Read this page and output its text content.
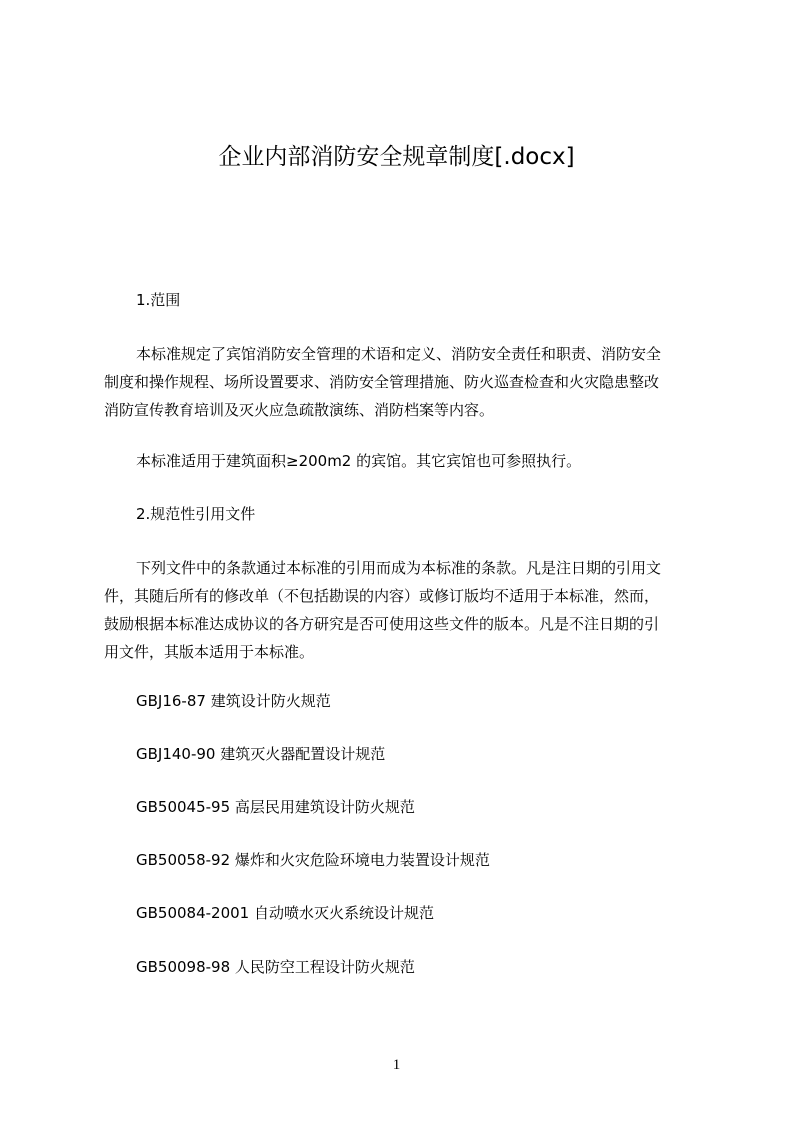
企业内部消防安全规章制度[.docx]
1.范围
本标准规定了宾馆消防安全管理的术语和定义、消防安全责任和职责、消防安全
制度和操作规程、场所设置要求、消防安全管理措施、防火巡查检查和火灾隐患整改
消防宣传教育培训及灭火应急疏散演练、消防档案等内容。
本标准适用于建筑面积≥200m2 的宾馆。其它宾馆也可参照执行。
2.规范性引用文件
下列文件中的条款通过本标准的引用而成为本标准的条款。凡是注日期的引用文
件，其随后所有的修改单（不包括勘误的内容）或修订版均不适用于本标准，然而，
鼓励根据本标准达成协议的各方研究是否可使用这些文件的版本。凡是不注日期的引
用文件，其版本适用于本标准。
GBJ16-87 建筑设计防火规范
GBJ140-90 建筑灭火器配置设计规范
GB50045-95 高层民用建筑设计防火规范
GB50058-92 爆炸和火灾危险环境电力装置设计规范
GB50084-2001 自动喷水灭火系统设计规范
GB50098-98 人民防空工程设计防火规范
1
